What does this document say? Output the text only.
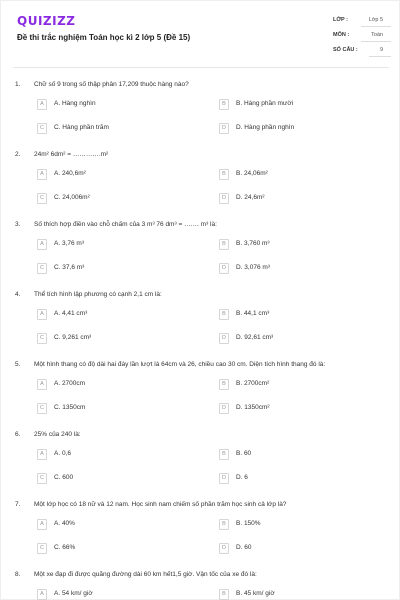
QUIZIZZ
Đề thi trắc nghiệm Toán học kì 2 lớp 5 (Đề 15)
LỚP :	Lớp 5
MÔN :	Toán
SỐ CÂU :	9
1. Chữ số 9 trong số thập phân 17,209 thuộc hàng nào?
A	A. Hàng nghìn	B	B. Hàng phần mười
C	C. Hàng phần trăm	D	D. Hàng phần nghìn
2. 24m² 6dm² = ………….m²
A	A. 240,6m²	B	B. 24,06m²
C	C. 24,006m²	D	D. 24,6m²
3. Số thích hợp điền vào chỗ chấm của 3 m³ 76 dm³ = ……. m³ là:
A	A. 3,76 m³	B	B. 3,760 m³
C	C. 37,6 m³	D	D. 3,076 m³
4. Thể tích hình lập phương có cạnh 2,1 cm là:
A	A. 4,41 cm³	B	B. 44,1 cm³
C	C. 9,261 cm³	D	D. 92,61 cm³
5. Một hình thang có độ dài hai đáy lần lượt là 64cm và 26, chiều cao 30 cm. Diện tích hình thang đó là:
A	A. 2700cm	B	B. 2700cm²
C	C. 1350cm	D	D. 1350cm²
6. 25% của 240 là:
A	A. 0,6	B	B. 60
C	C. 600	D	D. 6
7. Một lớp học có 18 nữ và 12 nam. Học sinh nam chiếm số phần trăm học sinh cả lớp là?
A	A. 40%	B	B. 150%
C	C. 66%	D	D. 60
8. Một xe đạp đi được quãng đường dài 60 km hết1,5 giờ. Vận tốc của xe đó là:
A	A. 54 km/ giờ	B	B. 45 km/ giờ
